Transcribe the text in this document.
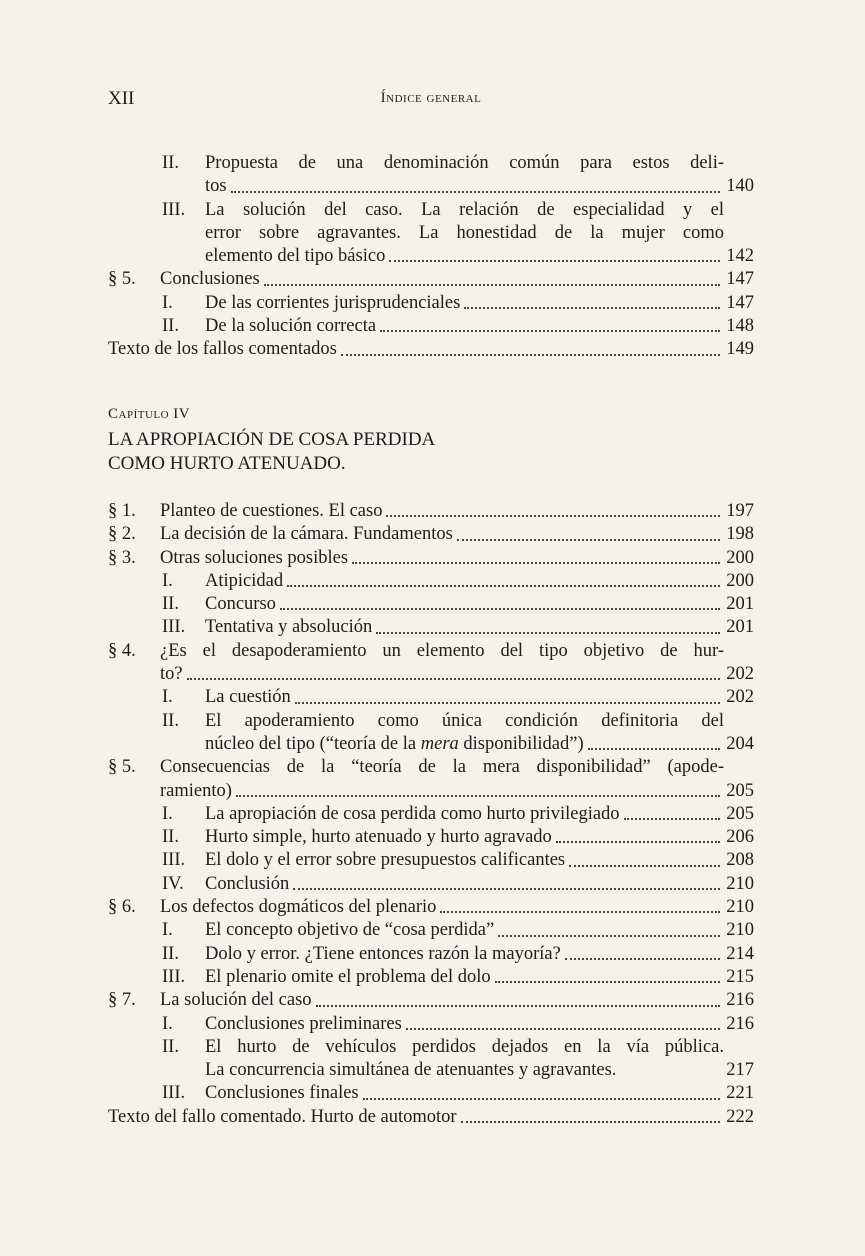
XII	Índice general
II. Propuesta de una denominación común para estos deli-
tos	140
III. La solución del caso. La relación de especialidad y el
error sobre agravantes. La honestidad de la mujer como
elemento del tipo básico	142
§ 5. Conclusiones	147
I. De las corrientes jurisprudenciales	147
II. De la solución correcta	148
Texto de los fallos comentados	149
Capítulo IV
LA APROPIACIÓN DE COSA PERDIDA
COMO HURTO ATENUADO.
§ 1. Planteo de cuestiones. El caso	197
§ 2. La decisión de la cámara. Fundamentos	198
§ 3. Otras soluciones posibles	200
I. Atipicidad	200
II. Concurso	201
III. Tentativa y absolución	201
§ 4. ¿Es el desapoderamiento un elemento del tipo objetivo de hur-
to?	202
I. La cuestión	202
II. El apoderamiento como única condición definitoria del
núcleo del tipo (“teoría de la mera disponibilidad”)	204
§ 5. Consecuencias de la “teoría de la mera disponibilidad” (apode-
ramiento)	205
I. La apropiación de cosa perdida como hurto privilegiado	205
II. Hurto simple, hurto atenuado y hurto agravado	206
III. El dolo y el error sobre presupuestos calificantes	208
IV. Conclusión	210
§ 6. Los defectos dogmáticos del plenario	210
I. El concepto objetivo de “cosa perdida”	210
II. Dolo y error. ¿Tiene entonces razón la mayoría?	214
III. El plenario omite el problema del dolo	215
§ 7. La solución del caso	216
I. Conclusiones preliminares	216
II. El hurto de vehículos perdidos dejados en la vía pública.
La concurrencia simultánea de atenuantes y agravantes.	217
III. Conclusiones finales	221
Texto del fallo comentado. Hurto de automotor	222
